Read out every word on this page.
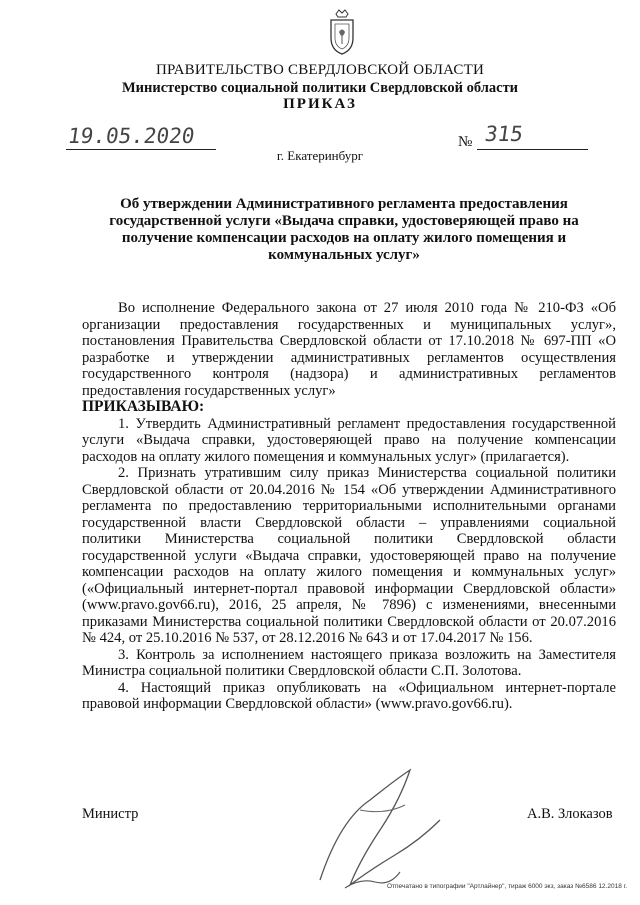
ПРАВИТЕЛЬСТВО СВЕРДЛОВСКОЙ ОБЛАСТИ
Министерство социальной политики Свердловской области
ПРИКАЗ
19.05.2020	№ 315
г. Екатеринбург
Об утверждении Административного регламента предоставления государственной услуги «Выдача справки, удостоверяющей право на получение компенсации расходов на оплату жилого помещения и коммунальных услуг»

Во исполнение Федерального закона от 27 июля 2010 года № 210-ФЗ «Об организации предоставления государственных и муниципальных услуг», постановления Правительства Свердловской области от 17.10.2018 № 697-ПП «О разработке и утверждении административных регламентов осуществления государственного контроля (надзора) и административных регламентов предоставления государственных услуг»

ПРИКАЗЫВАЮ:

1. Утвердить Административный регламент предоставления государственной услуги «Выдача справки, удостоверяющей право на получение компенсации расходов на оплату жилого помещения и коммунальных услуг» (прилагается).

2. Признать утратившим силу приказ Министерства социальной политики Свердловской области от 20.04.2016 № 154 «Об утверждении Административного регламента по предоставлению территориальными исполнительными органами государственной власти Свердловской области – управлениями социальной политики Министерства социальной политики Свердловской области государственной услуги «Выдача справки, удостоверяющей право на получение компенсации расходов на оплату жилого помещения и коммунальных услуг» («Официальный интернет-портал правовой информации Свердловской области» (www.pravo.gov66.ru), 2016, 25 апреля, № 7896) с изменениями, внесенными приказами Министерства социальной политики Свердловской области от 20.07.2016 № 424, от 25.10.2016 № 537, от 28.12.2016 № 643 и от 17.04.2017 № 156.

3. Контроль за исполнением настоящего приказа возложить на Заместителя Министра социальной политики Свердловской области С.П. Золотова.

4. Настоящий приказ опубликовать на «Официальном интернет-портале правовой информации Свердловской области» (www.pravo.gov66.ru).

Министр	А.В. Злоказов
Отпечатано в типографии "Артлайнер", тираж 6000 экз, заказ №6586 12.2018 г.
